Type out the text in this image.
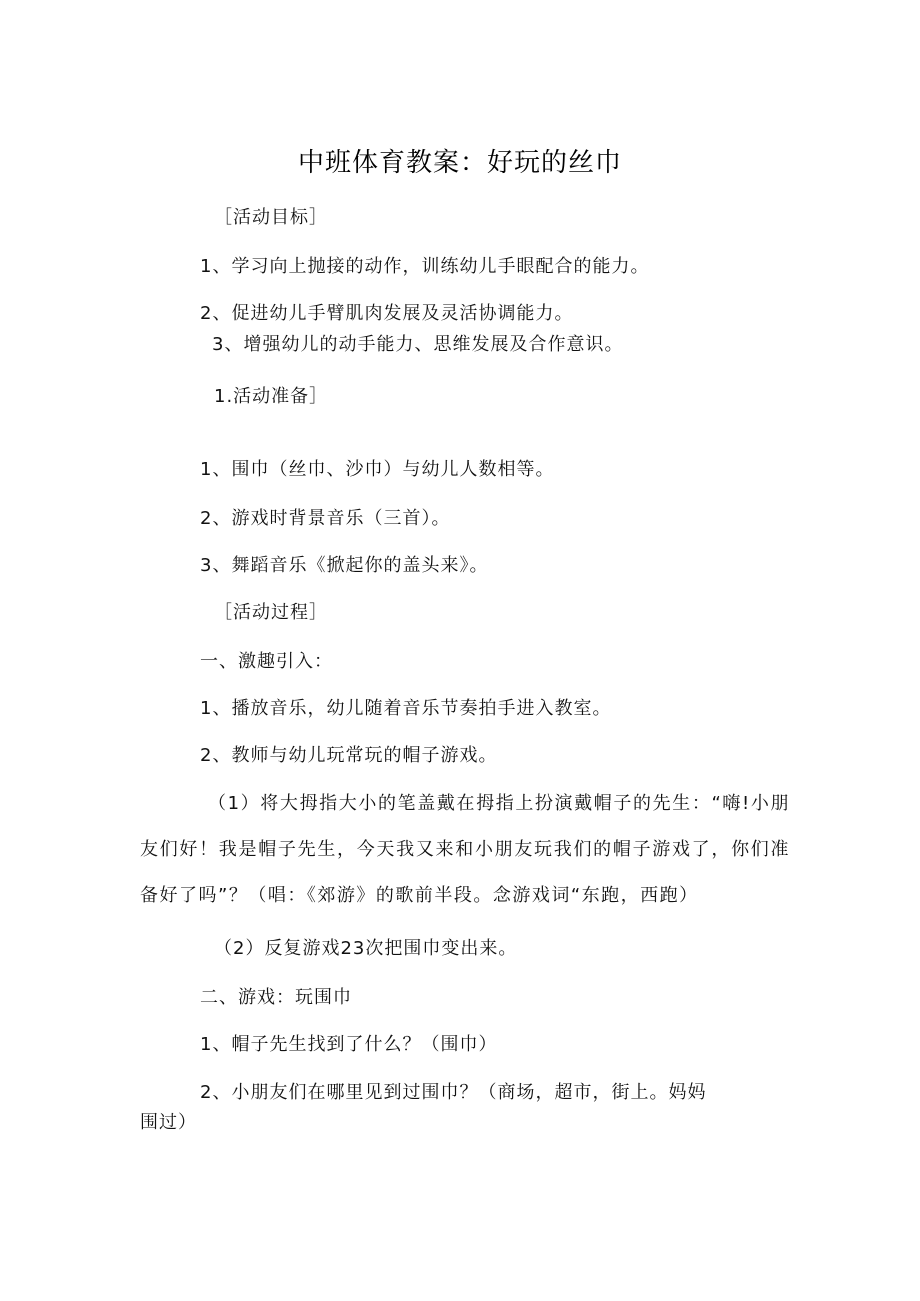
中班体育教案：好玩的丝巾
［活动目标］
1、学习向上抛接的动作，训练幼儿手眼配合的能力。
2、促进幼儿手臂肌肉发展及灵活协调能力。
3、增强幼儿的动手能力、思维发展及合作意识。
1.活动准备］
1、围巾（丝巾、沙巾）与幼儿人数相等。
2、游戏时背景音乐（三首）。
3、舞蹈音乐《掀起你的盖头来》。
［活动过程］
一、激趣引入：
1、播放音乐，幼儿随着音乐节奏拍手进入教室。
2、教师与幼儿玩常玩的帽子游戏。
（1）将大拇指大小的笔盖戴在拇指上扮演戴帽子的先生：“嗨!小朋友们好！我是帽子先生，今天我又来和小朋友玩我们的帽子游戏了，你们准备好了吗”？（唱：《郊游》的歌前半段。念游戏词“东跑，西跑）
（2）反复游戏23次把围巾变出来。
二、游戏：玩围巾
1、帽子先生找到了什么？（围巾）
2、小朋友们在哪里见到过围巾？（商场，超市，街上。妈妈
围过）
